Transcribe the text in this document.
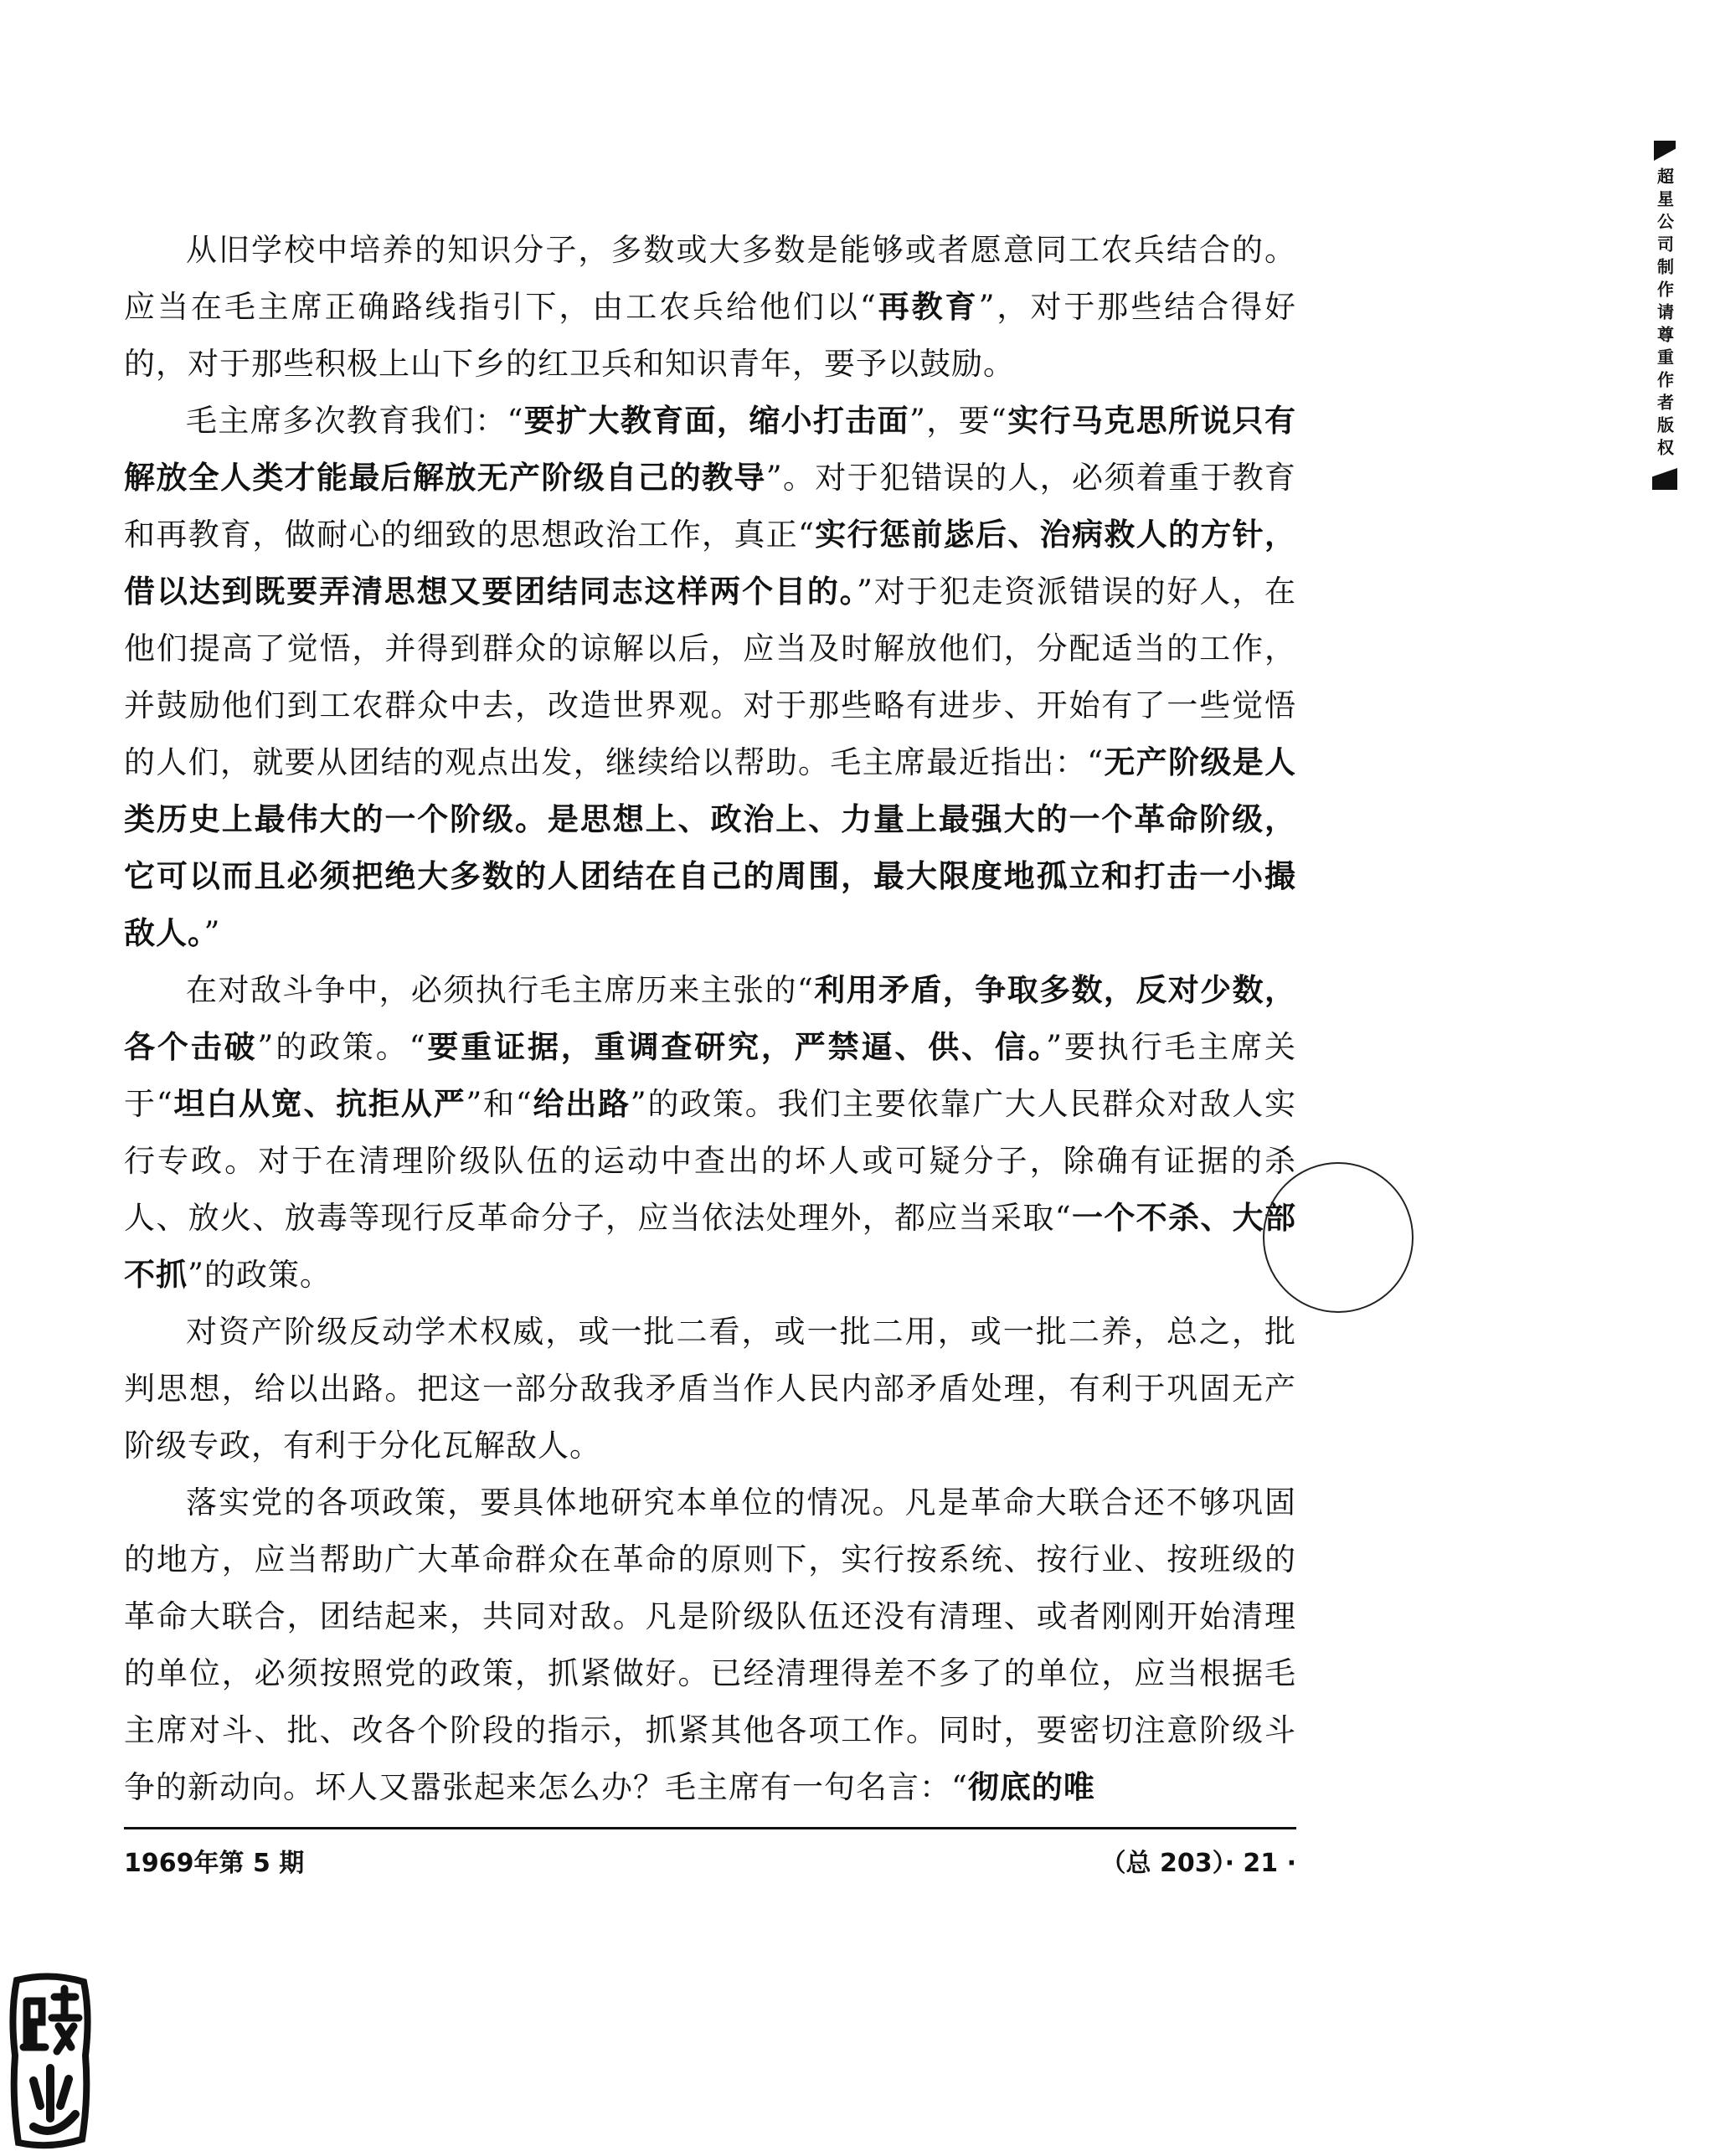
从旧学校中培养的知识分子，多数或大多数是能够或者愿意同工农兵结合的。应当在毛主席正确路线指引下，由工农兵给他们以“再教育”，对于那些结合得好的，对于那些积极上山下乡的红卫兵和知识青年，要予以鼓励。

毛主席多次教育我们：“要扩大教育面，缩小打击面”，要“实行马克思所说只有解放全人类才能最后解放无产阶级自己的教导”。对于犯错误的人，必须着重于教育和再教育，做耐心的细致的思想政治工作，真正“实行惩前毖后、治病救人的方针，借以达到既要弄清思想又要团结同志这样两个目的。”对于犯走资派错误的好人，在他们提高了觉悟，并得到群众的谅解以后，应当及时解放他们，分配适当的工作，并鼓励他们到工农群众中去，改造世界观。对于那些略有进步、开始有了一些觉悟的人们，就要从团结的观点出发，继续给以帮助。毛主席最近指出：“无产阶级是人类历史上最伟大的一个阶级。是思想上、政治上、力量上最强大的一个革命阶级，它可以而且必须把绝大多数的人团结在自己的周围，最大限度地孤立和打击一小撮敌人。”

在对敌斗争中，必须执行毛主席历来主张的“利用矛盾，争取多数，反对少数，各个击破”的政策。“要重证据，重调查研究，严禁逼、供、信。”要执行毛主席关于“坦白从宽、抗拒从严”和“给出路”的政策。我们主要依靠广大人民群众对敌人实行专政。对于在清理阶级队伍的运动中查出的坏人或可疑分子，除确有证据的杀人、放火、放毒等现行反革命分子，应当依法处理外，都应当采取“一个不杀、大部不抓”的政策。

对资产阶级反动学术权威，或一批二看，或一批二用，或一批二养，总之，批判思想，给以出路。把这一部分敌我矛盾当作人民内部矛盾处理，有利于巩固无产阶级专政，有利于分化瓦解敌人。

落实党的各项政策，要具体地研究本单位的情况。凡是革命大联合还不够巩固的地方，应当帮助广大革命群众在革命的原则下，实行按系统、按行业、按班级的革命大联合，团结起来，共同对敌。凡是阶级队伍还没有清理、或者刚刚开始清理的单位，必须按照党的政策，抓紧做好。已经清理得差不多了的单位，应当根据毛主席对斗、批、改各个阶段的指示，抓紧其他各项工作。同时，要密切注意阶级斗争的新动向。坏人又嚣张起来怎么办？毛主席有一句名言：“彻底的唯

1969年第 5 期	（总 203）· 21 ·
超星公司制作请尊重作者版权
